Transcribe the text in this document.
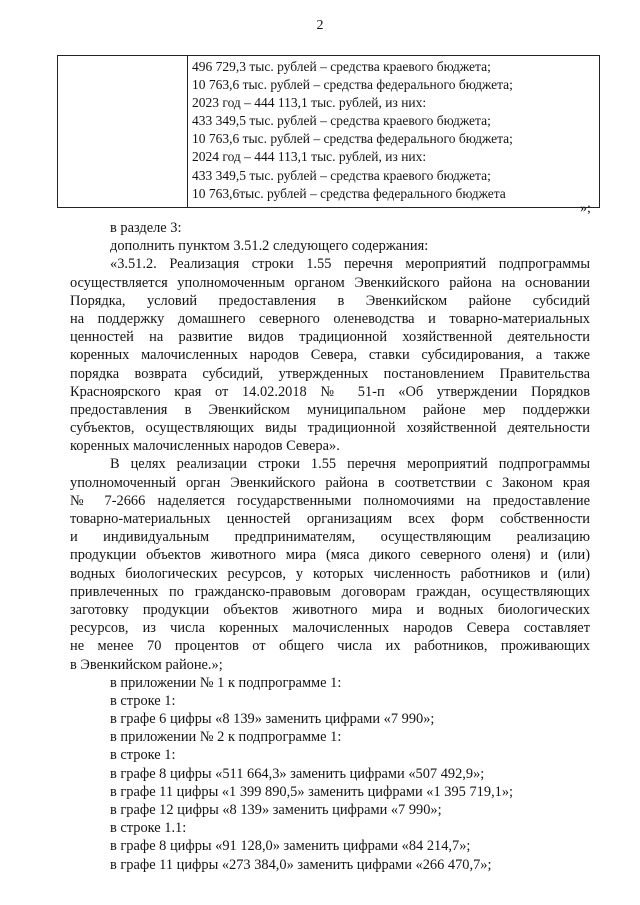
2

496 729,3 тыс. рублей – средства краевого бюджета;
10 763,6 тыс. рублей – средства федерального бюджета;
2023 год – 444 113,1 тыс. рублей, из них:
433 349,5 тыс. рублей – средства краевого бюджета;
10 763,6 тыс. рублей – средства федерального бюджета;
2024 год – 444 113,1 тыс. рублей, из них:
433 349,5 тыс. рублей – средства краевого бюджета;
10 763,6тыс. рублей – средства федерального бюджета
»;
в разделе 3:
дополнить пунктом 3.51.2 следующего содержания:
«3.51.2. Реализация строки 1.55 перечня мероприятий подпрограммы
осуществляется уполномоченным органом Эвенкийского района на основании
Порядка, условий предоставления в Эвенкийском районе субсидий
на поддержку домашнего северного оленеводства и товарно-материальных
ценностей на развитие видов традиционной хозяйственной деятельности
коренных малочисленных народов Севера, ставки субсидирования, а также
порядка возврата субсидий, утвержденных постановлением Правительства
Красноярского края от 14.02.2018 № 51-п «Об утверждении Порядков
предоставления в Эвенкийском муниципальном районе мер поддержки
субъектов, осуществляющих виды традиционной хозяйственной деятельности
коренных малочисленных народов Севера».
В целях реализации строки 1.55 перечня мероприятий подпрограммы
уполномоченный орган Эвенкийского района в соответствии с Законом края
№ 7-2666 наделяется государственными полномочиями на предоставление
товарно-материальных ценностей организациям всех форм собственности
и индивидуальным предпринимателям, осуществляющим реализацию
продукции объектов животного мира (мяса дикого северного оленя) и (или)
водных биологических ресурсов, у которых численность работников и (или)
привлеченных по гражданско-правовым договорам граждан, осуществляющих
заготовку продукции объектов животного мира и водных биологических
ресурсов, из числа коренных малочисленных народов Севера составляет
не менее 70 процентов от общего числа их работников, проживающих
в Эвенкийском районе.»;
в приложении № 1 к подпрограмме 1:
в строке 1:
в графе 6 цифры «8 139» заменить цифрами «7 990»;
в приложении № 2 к подпрограмме 1:
в строке 1:
в графе 8 цифры «511 664,3» заменить цифрами «507 492,9»;
в графе 11 цифры «1 399 890,5» заменить цифрами «1 395 719,1»;
в графе 12 цифры «8 139» заменить цифрами «7 990»;
в строке 1.1:
в графе 8 цифры «91 128,0» заменить цифрами «84 214,7»;
в графе 11 цифры «273 384,0» заменить цифрами «266 470,7»;
